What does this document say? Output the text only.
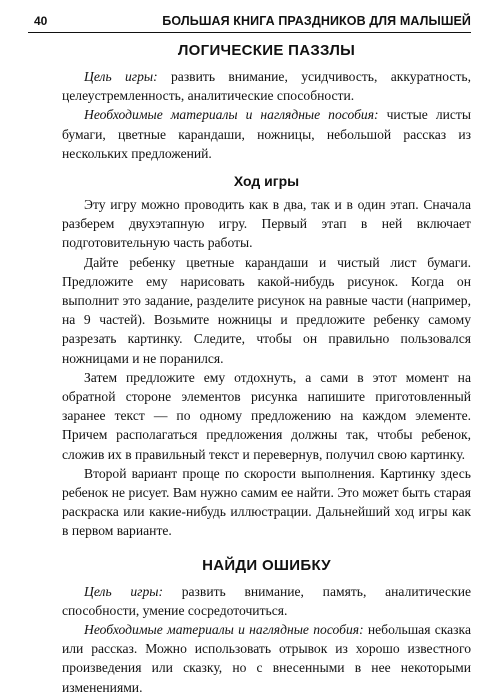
40	БОЛЬШАЯ КНИГА ПРАЗДНИКОВ ДЛЯ МАЛЫШЕЙ
ЛОГИЧЕСКИЕ ПАЗЗЛЫ

Цель игры: развить внимание, усидчивость, аккуратность, целеустремленность, аналитические способности.

Необходимые материалы и наглядные пособия: чистые листы бумаги, цветные карандаши, ножницы, небольшой рассказ из нескольких предложений.

Ход игры

Эту игру можно проводить как в два, так и в один этап. Сначала разберем двухэтапную игру. Первый этап в ней включает подготовительную часть работы.

Дайте ребенку цветные карандаши и чистый лист бумаги. Предложите ему нарисовать какой-нибудь рисунок. Когда он выполнит это задание, разделите рисунок на равные части (например, на 9 частей). Возьмите ножницы и предложите ребенку самому разрезать картинку. Следите, чтобы он правильно пользовался ножницами и не поранился.

Затем предложите ему отдохнуть, а сами в этот момент на обратной стороне элементов рисунка напишите приготовленный заранее текст — по одному предложению на каждом элементе. Причем располагаться предложения должны так, чтобы ребенок, сложив их в правильный текст и перевернув, получил свою картинку.

Второй вариант проще по скорости выполнения. Картинку здесь ребенок не рисует. Вам нужно самим ее найти. Это может быть старая раскраска или какие-нибудь иллюстрации. Дальнейший ход игры как в первом варианте.

НАЙДИ ОШИБКУ

Цель игры: развить внимание, память, аналитические способности, умение сосредоточиться.

Необходимые материалы и наглядные пособия: небольшая сказка или рассказ. Можно использовать отрывок из хорошо известного произведения или сказку, но с внесенными в нее некоторыми изменениями.
